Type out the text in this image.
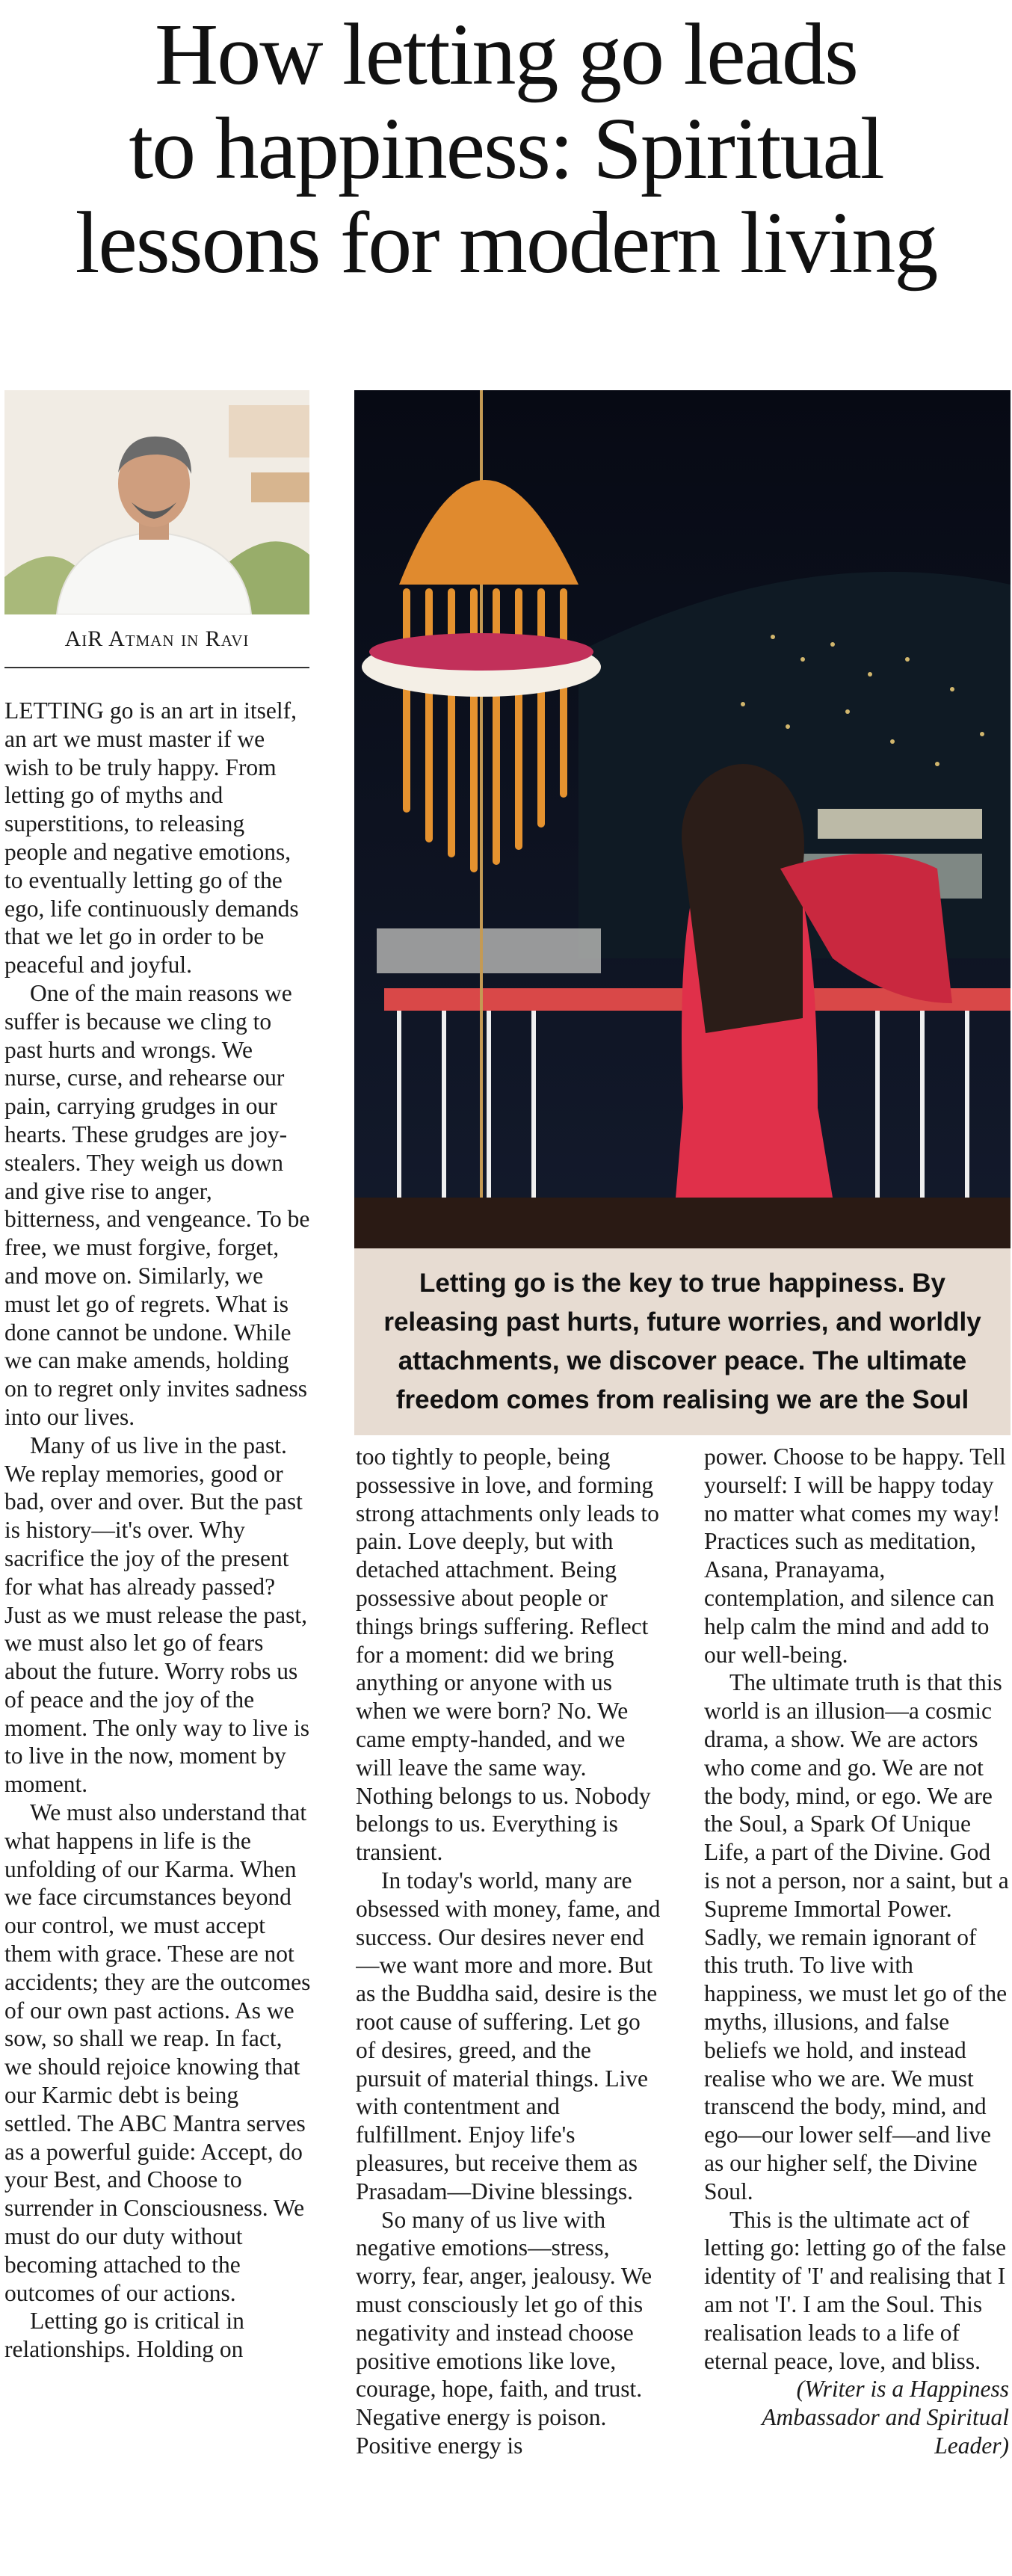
How letting go leads
to happiness: Spiritual
lessons for modern living
AiR Atman in Ravi
Letting go is the key to true happiness. By releasing past hurts, future worries, and worldly attachments, we discover peace. The ultimate freedom comes from realising we are the Soul

LETTING go is an art in itself, an art we must master if we wish to be truly happy. From letting go of myths and superstitions, to releasing people and negative emotions, to eventually letting go of the ego, life continuously demands that we let go in order to be peaceful and joyful.

One of the main reasons we suffer is because we cling to past hurts and wrongs. We nurse, curse, and rehearse our pain, carrying grudges in our hearts. These grudges are joy-stealers. They weigh us down and give rise to anger, bitterness, and vengeance. To be free, we must forgive, forget, and move on. Similarly, we must let go of regrets. What is done cannot be undone. While we can make amends, holding on to regret only invites sadness into our lives.

Many of us live in the past. We replay memories, good or bad, over and over. But the past is history—it's over. Why sacrifice the joy of the present for what has already passed? Just as we must release the past, we must also let go of fears about the future. Worry robs us of peace and the joy of the moment. The only way to live is to live in the now, moment by moment.

We must also understand that what happens in life is the unfolding of our Karma. When we face circumstances beyond our control, we must accept them with grace. These are not accidents; they are the outcomes of our own past actions. As we sow, so shall we reap. In fact, we should rejoice knowing that our Karmic debt is being settled. The ABC Mantra serves as a powerful guide: Accept, do your Best, and Choose to surrender in Consciousness. We must do our duty without becoming attached to the outcomes of our actions.

Letting go is critical in relationships. Holding on

too tightly to people, being possessive in love, and forming strong attachments only leads to pain. Love deeply, but with detached attachment. Being possessive about people or things brings suffering. Reflect for a moment: did we bring anything or anyone with us when we were born? No. We came empty-handed, and we will leave the same way. Nothing belongs to us. Nobody belongs to us. Everything is transient.

In today's world, many are obsessed with money, fame, and success. Our desires never end—we want more and more. But as the Buddha said, desire is the root cause of suffering. Let go of desires, greed, and the pursuit of material things. Live with contentment and fulfillment. Enjoy life's pleasures, but receive them as Prasadam—Divine blessings.

So many of us live with negative emotions—stress, worry, fear, anger, jealousy. We must consciously let go of this negativity and instead choose positive emotions like love, courage, hope, faith, and trust. Negative energy is poison. Positive energy is

power. Choose to be happy. Tell yourself: I will be happy today no matter what comes my way! Practices such as meditation, Asana, Pranayama, contemplation, and silence can help calm the mind and add to our well-being.

The ultimate truth is that this world is an illusion—a cosmic drama, a show. We are actors who come and go. We are not the body, mind, or ego. We are the Soul, a Spark Of Unique Life, a part of the Divine. God is not a person, nor a saint, but a Supreme Immortal Power. Sadly, we remain ignorant of this truth. To live with happiness, we must let go of the myths, illusions, and false beliefs we hold, and instead realise who we are. We must transcend the body, mind, and ego—our lower self—and live as our higher self, the Divine Soul.

This is the ultimate act of letting go: letting go of the false identity of 'I' and realising that I am not 'I'. I am the Soul. This realisation leads to a life of eternal peace, love, and bliss.

(Writer is a Happiness Ambassador and Spiritual Leader)
